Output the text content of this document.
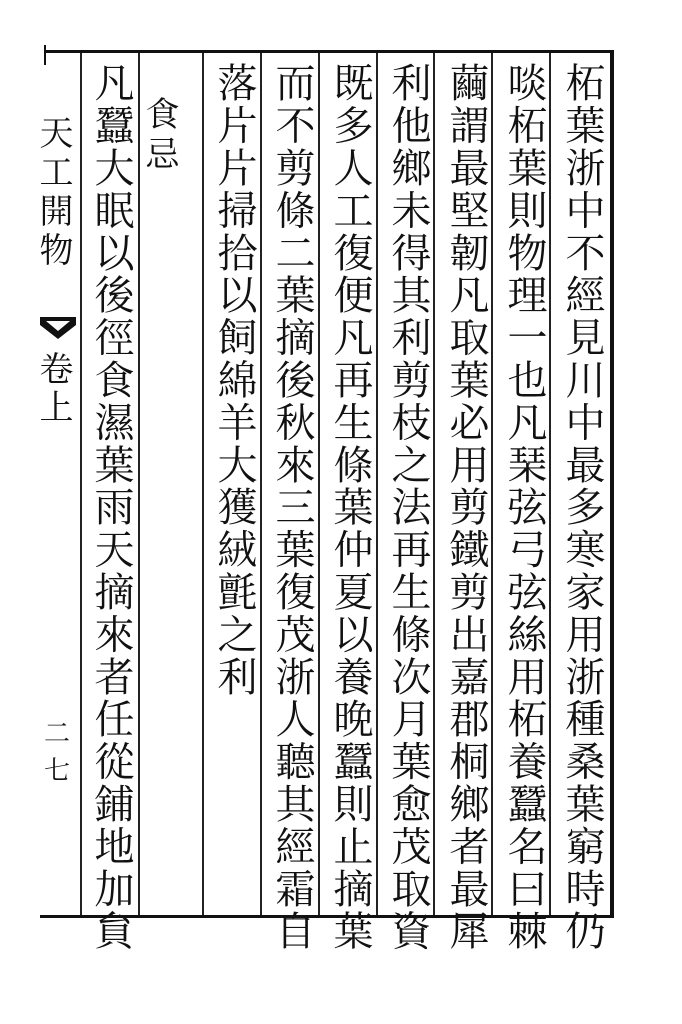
柘葉浙中不經見川中最多寒家用浙種桑葉窮時仍
啖柘葉則物理一也凡琹弦弓弦絲用柘養蠶名曰棘
繭謂最堅韌凡取葉必用剪鐵剪出嘉郡桐鄉者最犀
利他鄉未得其利剪枝之法再生條次月葉愈茂取資
既多人工復便凡再生條葉仲夏以養晚蠶則止摘葉
而不剪條二葉摘後秋來三葉復茂浙人聽其經霜自
落片片掃拾以飼綿羊大獲絨氈之利
食忌
凡蠶大眠以後徑食濕葉雨天摘來者任從鋪地加貟
天工開物
卷上
二七
